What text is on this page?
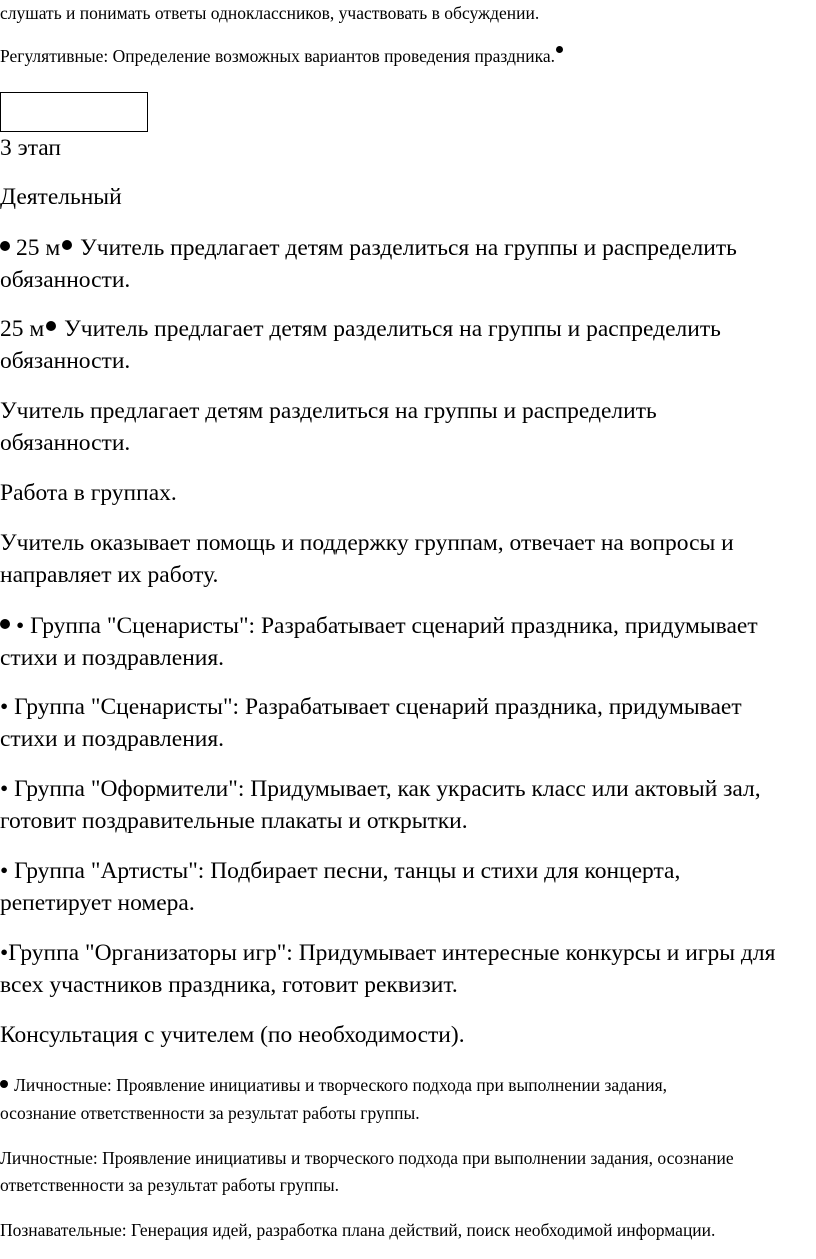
слушать и понимать ответы одноклассников, участвовать в обсуждении.

Регулятивные: Определение возможных вариантов проведения праздника.

3 этап

Деятельный

25 м Учитель предлагает детям разделиться на группы и распределить

обязанности.

25 м Учитель предлагает детям разделиться на группы и распределить

обязанности.

Учитель предлагает детям разделиться на группы и распределить

обязанности.

Работа в группах.

Учитель оказывает помощь и поддержку группам, отвечает на вопросы и

направляет их работу.

• Группа "Сценаристы": Разрабатывает сценарий праздника, придумывает

стихи и поздравления.

• Группа "Сценаристы": Разрабатывает сценарий праздника, придумывает

стихи и поздравления.

• Группа "Оформители": Придумывает, как украсить класс или актовый зал,

готовит поздравительные плакаты и открытки.

• Группа "Артисты": Подбирает песни, танцы и стихи для концерта,

репетирует номера.

•Группа "Организаторы игр": Придумывает интересные конкурсы и игры для

всех участников праздника, готовит реквизит.

Консультация с учителем (по необходимости).

Личностные: Проявление инициативы и творческого подхода при выполнении задания,

осознание ответственности за результат работы группы.

Личностные: Проявление инициативы и творческого подхода при выполнении задания, осознание

ответственности за результат работы группы.

Познавательные: Генерация идей, разработка плана действий, поиск необходимой информации.
